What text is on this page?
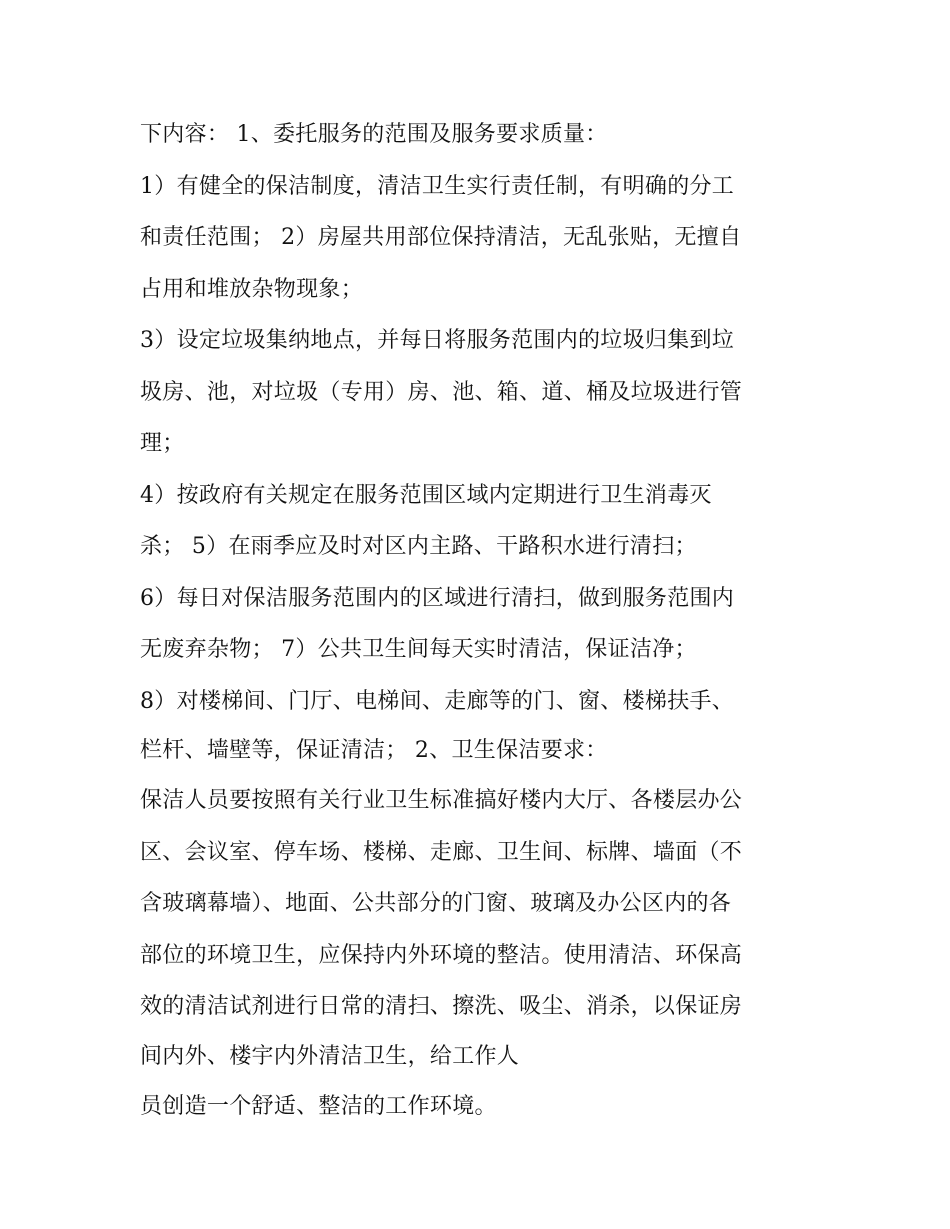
下内容： 1、委托服务的范围及服务要求质量：
1）有健全的保洁制度，清洁卫生实行责任制，有明确的分工
和责任范围； 2）房屋共用部位保持清洁，无乱张贴，无擅自
占用和堆放杂物现象；
3）设定垃圾集纳地点，并每日将服务范围内的垃圾归集到垃
圾房、池，对垃圾（专用）房、池、箱、道、桶及垃圾进行管
理；
4）按政府有关规定在服务范围区域内定期进行卫生消毒灭
杀； 5）在雨季应及时对区内主路、干路积水进行清扫；
6）每日对保洁服务范围内的区域进行清扫，做到服务范围内
无废弃杂物； 7）公共卫生间每天实时清洁，保证洁净；
8）对楼梯间、门厅、电梯间、走廊等的门、窗、楼梯扶手、
栏杆、墙壁等，保证清洁； 2、卫生保洁要求：
保洁人员要按照有关行业卫生标准搞好楼内大厅、各楼层办公
区、会议室、停车场、楼梯、走廊、卫生间、标牌、墙面（不
含玻璃幕墙）、地面、公共部分的门窗、玻璃及办公区内的各
部位的环境卫生，应保持内外环境的整洁。使用清洁、环保高
效的清洁试剂进行日常的清扫、擦洗、吸尘、消杀，以保证房
间内外、楼宇内外清洁卫生，给工作人
员创造一个舒适、整洁的工作环境。
